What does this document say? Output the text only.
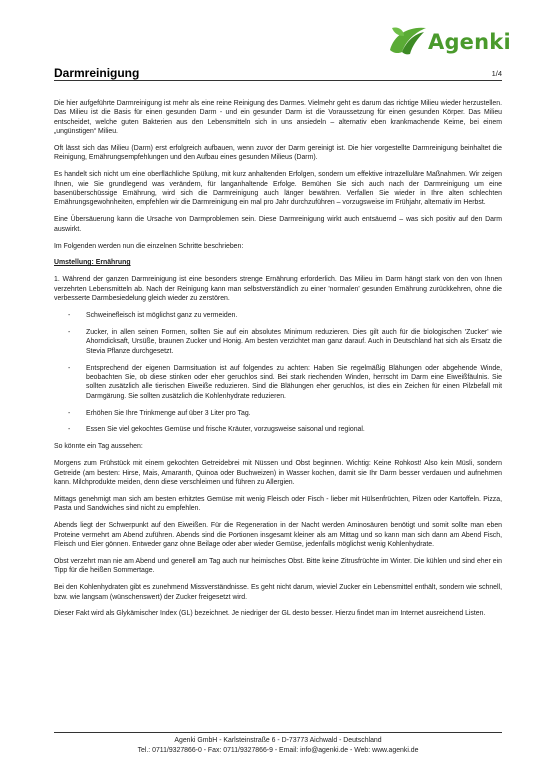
Agenki
Darmreinigung	1/4

Die hier aufgeführte Darmreinigung ist mehr als eine reine Reinigung des Darmes. Vielmehr geht es darum das richtige Milieu wieder herzustellen. Das Milieu ist die Basis für einen gesunden Darm - und ein gesunder Darm ist die Voraussetzung für einen gesunden Körper. Das Milieu entscheidet, welche guten Bakterien aus den Lebensmitteln sich in uns ansiedeln – alternativ eben krankmachende Keime, bei einem „ungünstigen“ Milieu.

Oft lässt sich das Milieu (Darm) erst erfolgreich aufbauen, wenn zuvor der Darm gereinigt ist. Die hier vorgestellte Darmreinigung beinhaltet die Reinigung, Ernährungsempfehlungen und den Aufbau eines gesunden Milieus (Darm).

Es handelt sich nicht um eine oberflächliche Spülung, mit kurz anhaltenden Erfolgen, sondern um effektive intrazelluläre Maßnahmen. Wir zeigen Ihnen, wie Sie grundlegend was verändern, für langanhaltende Erfolge. Bemühen Sie sich auch nach der Darmreinigung um eine basenüberschüssige Ernährung, wird sich die Darmreinigung auch länger bewähren. Verfallen Sie wieder in Ihre alten schlechten Ernährungsgewohnheiten, empfehlen wir die Darmreinigung ein mal pro Jahr durchzuführen – vorzugsweise im Frühjahr, alternativ im Herbst.

Eine Übersäuerung kann die Ursache von Darmproblemen sein. Diese Darmreinigung wirkt auch entsäuernd – was sich positiv auf den Darm auswirkt.

Im Folgenden werden nun die einzelnen Schritte beschrieben:

Umstellung: Ernährung

1. Während der ganzen Darmreinigung ist eine besonders strenge Ernährung erforderlich. Das Milieu im Darm hängt stark von den von Ihnen verzehrten Lebensmitteln ab. Nach der Reinigung kann man selbstverständlich zu einer 'normalen' gesunden Ernährung zurückkehren, ohne die verbesserte Darmbesiedelung gleich wieder zu zerstören.

- Schweinefleisch ist möglichst ganz zu vermeiden.
- Zucker, in allen seinen Formen, sollten Sie auf ein absolutes Minimum reduzieren. Dies gilt auch für die biologischen 'Zucker' wie Ahorndicksaft, Ursüße, braunen Zucker und Honig. Am besten verzichtet man ganz darauf. Auch in Deutschland hat sich als Ersatz die Stevia Pflanze durchgesetzt.
- Entsprechend der eigenen Darmsituation ist auf folgendes zu achten: Haben Sie regelmäßig Blähungen oder abgehende Winde, beobachten Sie, ob diese stinken oder eher geruchlos sind. Bei stark riechenden Winden, herrscht im Darm eine Eiweißfäulnis. Sie sollten zusätzlich alle tierischen Eiweiße reduzieren. Sind die Blähungen eher geruchlos, ist dies ein Zeichen für einen Pilzbefall mit Darmgärung. Sie sollten zusätzlich die Kohlenhydrate reduzieren.
- Erhöhen Sie Ihre Trinkmenge auf über 3 Liter pro Tag.
- Essen Sie viel gekochtes Gemüse und frische Kräuter, vorzugsweise saisonal und regional.

So könnte ein Tag aussehen:

Morgens zum Frühstück mit einem gekochten Getreidebrei mit Nüssen und Obst beginnen. Wichtig: Keine Rohkost! Also kein Müsli, sondern Getreide (am besten: Hirse, Mais, Amaranth, Quinoa oder Buchweizen) in Wasser kochen, damit sie Ihr Darm besser verdauen und aufnehmen kann. Milchprodukte meiden, denn diese verschleimen und führen zu Allergien.

Mittags genehmigt man sich am besten erhitztes Gemüse mit wenig Fleisch oder Fisch - lieber mit Hülsenfrüchten, Pilzen oder Kartoffeln. Pizza, Pasta und Sandwiches sind nicht zu empfehlen.

Abends liegt der Schwerpunkt auf den Eiweißen. Für die Regeneration in der Nacht werden Aminosäuren benötigt und somit sollte man eben Proteine vermehrt am Abend zuführen. Abends sind die Portionen insgesamt kleiner als am Mittag und so kann man sich dann am Abend Fisch, Fleisch und Eier gönnen. Entweder ganz ohne Beilage oder aber wieder Gemüse, jedenfalls möglichst wenig Kohlenhydrate.

Obst verzehrt man nie am Abend und generell am Tag auch nur heimisches Obst. Bitte keine Zitrusfrüchte im Winter. Die kühlen und sind eher ein Tipp für die heißen Sommertage.

Bei den Kohlenhydraten gibt es zunehmend Missverständnisse. Es geht nicht darum, wieviel Zucker ein Lebensmittel enthält, sondern wie schnell, bzw. wie langsam (wünschenswert) der Zucker freigesetzt wird.

Dieser Fakt wird als Glykämischer Index (GL) bezeichnet. Je niedriger der GL desto besser. Hierzu findet man im Internet ausreichend Listen.

Agenki GmbH - Karlsteinstraße 6 - D-73773 Aichwald - Deutschland
Tel.: 0711/9327866-0 - Fax: 0711/9327866-9 - Email: info@agenki.de - Web: www.agenki.de
